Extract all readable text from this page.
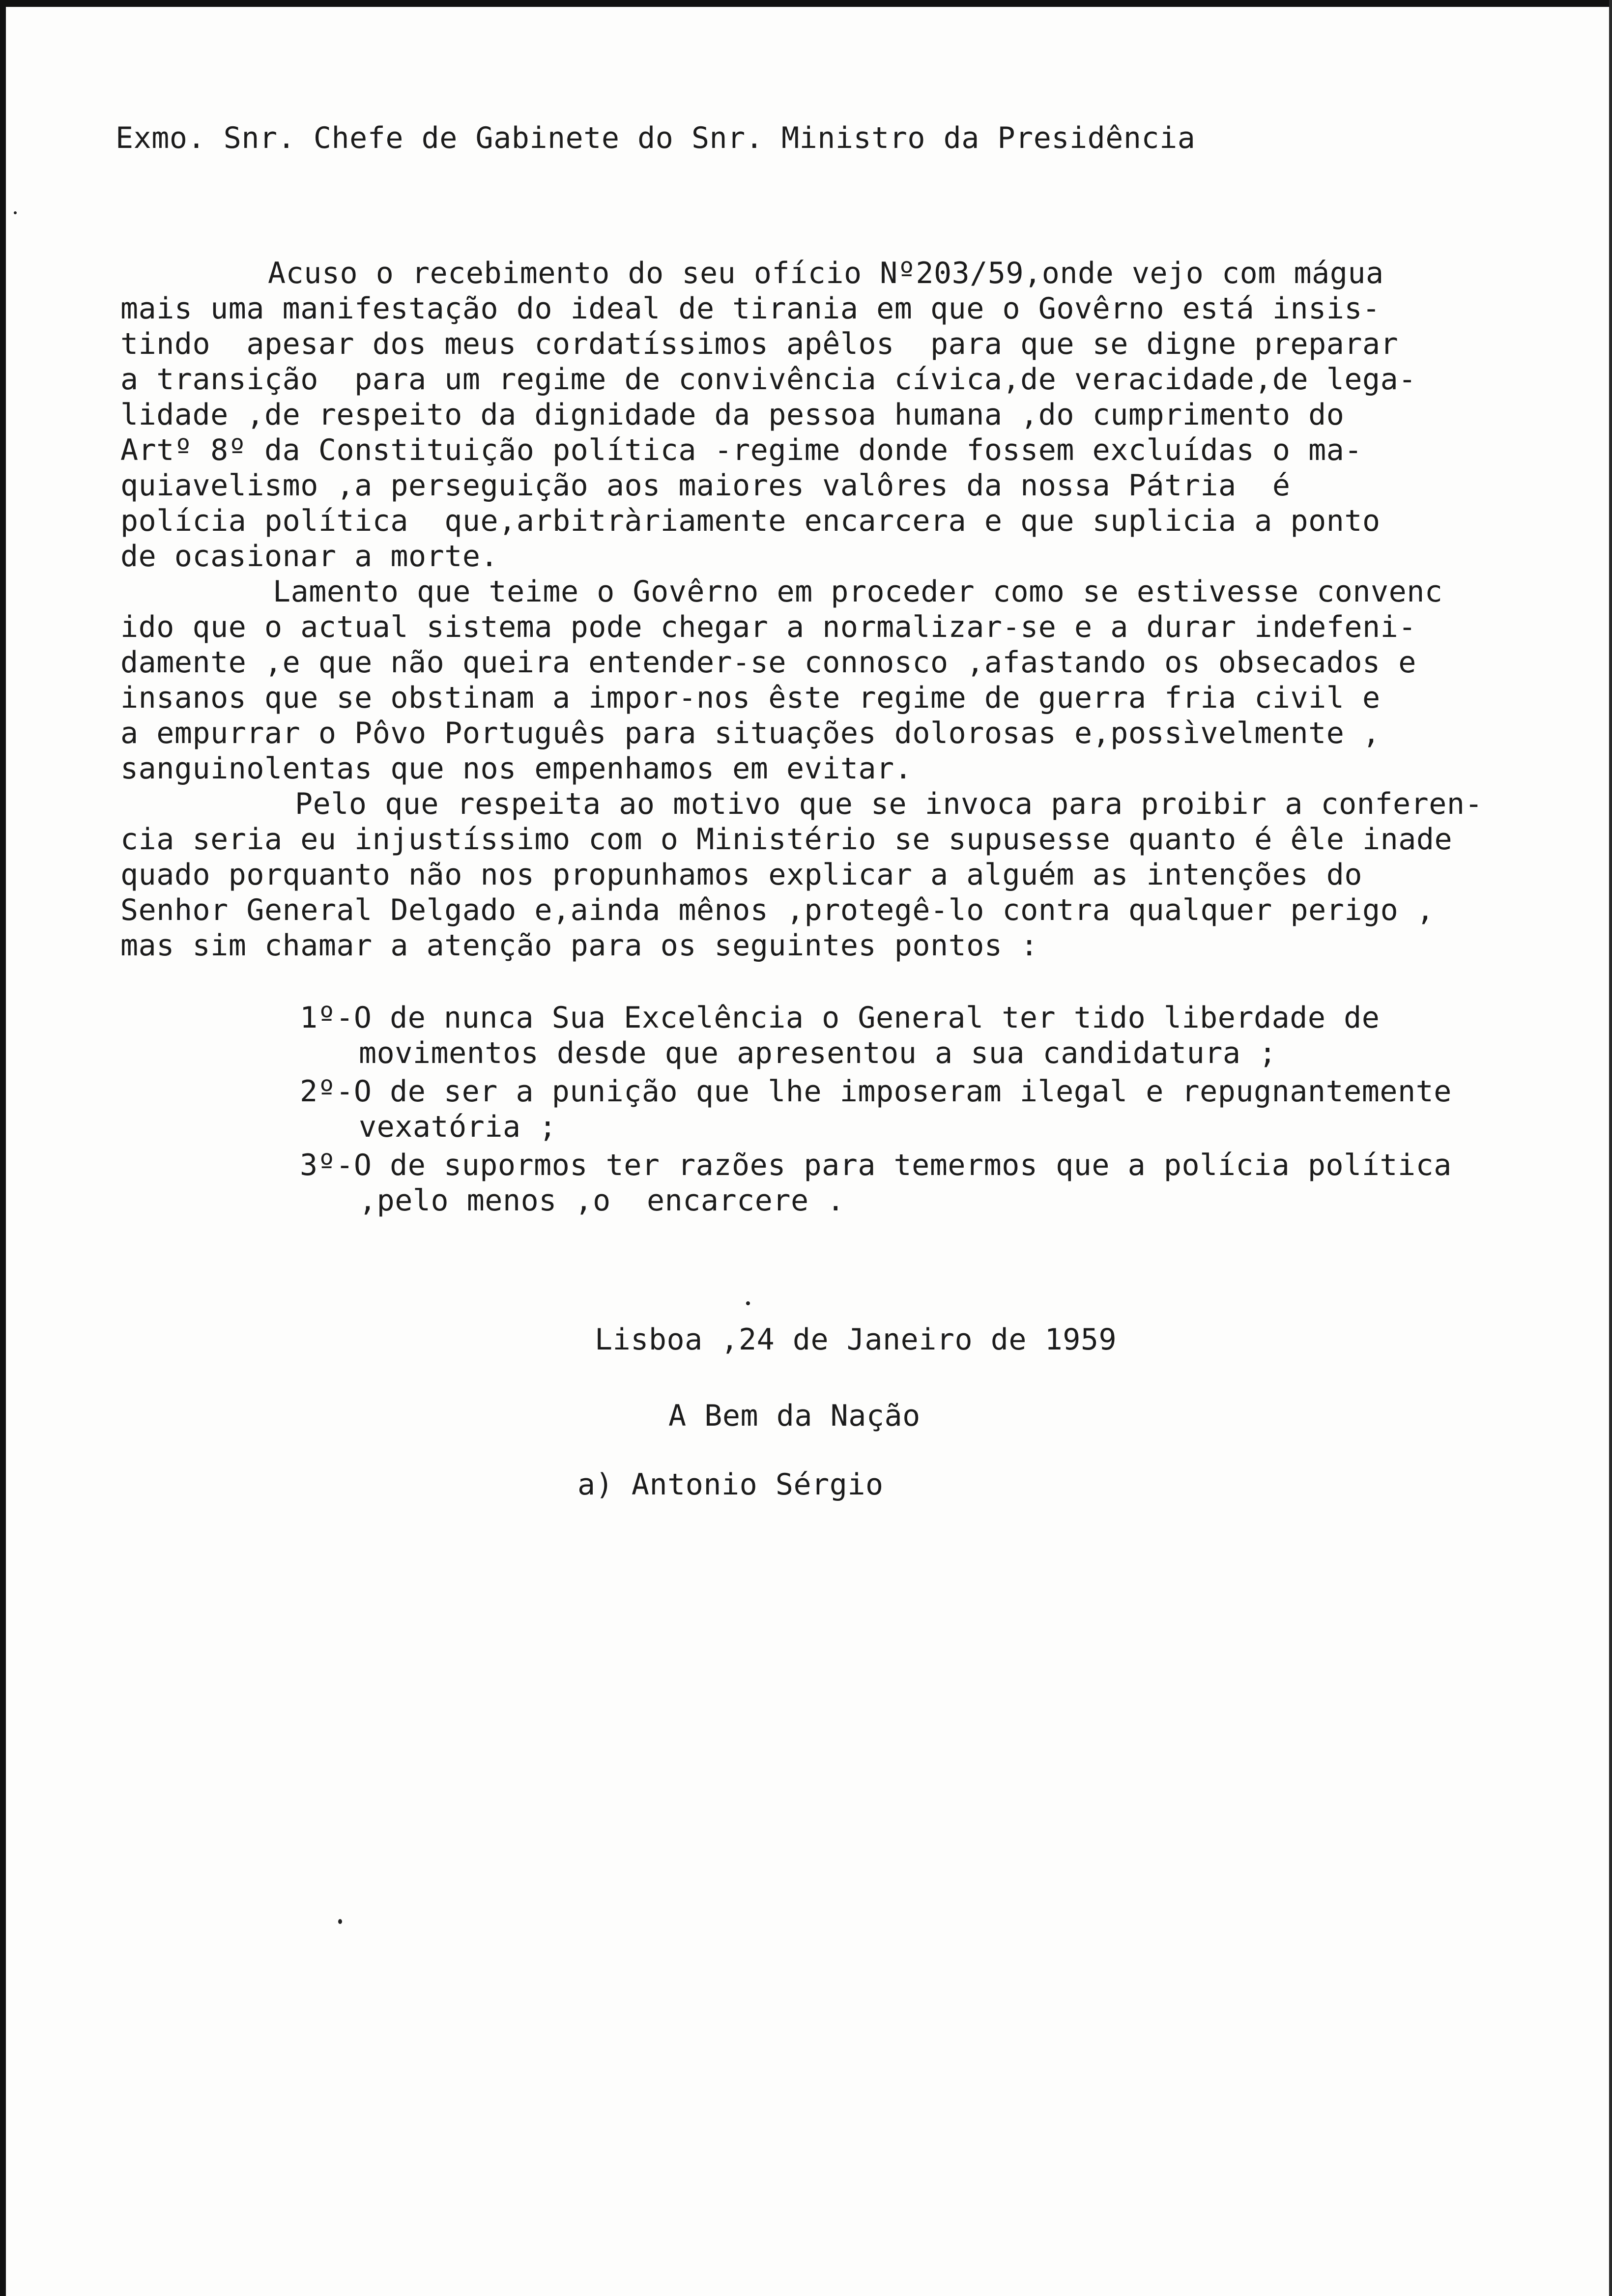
Exmo. Snr. Chefe de Gabinete do Snr. Ministro da Presidência

Acuso o recebimento do seu ofício Nº203/59,onde vejo com mágua

mais uma manifestação do ideal de tirania em que o Govêrno está insis-

tindo  apesar dos meus cordatíssimos apêlos  para que se digne preparar

a transição  para um regime de convivência cívica,de veracidade,de lega-

lidade ,de respeito da dignidade da pessoa humana ,do cumprimento do

Artº 8º da Constituição política -regime donde fossem excluídas o ma-

quiavelismo ,a perseguição aos maiores valôres da nossa Pátria  é

polícia política  que,arbitràriamente encarcera e que suplicia a ponto

de ocasionar a morte.

Lamento que teime o Govêrno em proceder como se estivesse convenc

ido que o actual sistema pode chegar a normalizar-se e a durar indefeni-

damente ,e que não queira entender-se connosco ,afastando os obsecados e

insanos que se obstinam a impor-nos êste regime de guerra fria civil e

a empurrar o Pôvo Português para situações dolorosas e,possìvelmente ,

sanguinolentas que nos empenhamos em evitar.

Pelo que respeita ao motivo que se invoca para proibir a conferen-

cia seria eu injustíssimo com o Ministério se supusesse quanto é êle inade

quado porquanto não nos propunhamos explicar a alguém as intenções do

Senhor General Delgado e,ainda mênos ,protegê-lo contra qualquer perigo ,

mas sim chamar a atenção para os seguintes pontos :

1º-O de nunca Sua Excelência o General ter tido liberdade de

movimentos desde que apresentou a sua candidatura ;

2º-O de ser a punição que lhe imposeram ilegal e repugnantemente

vexatória ;

3º-O de supormos ter razões para temermos que a polícia política

,pelo menos ,o  encarcere .

Lisboa ,24 de Janeiro de 1959

A Bem da Nação

a) Antonio Sérgio
